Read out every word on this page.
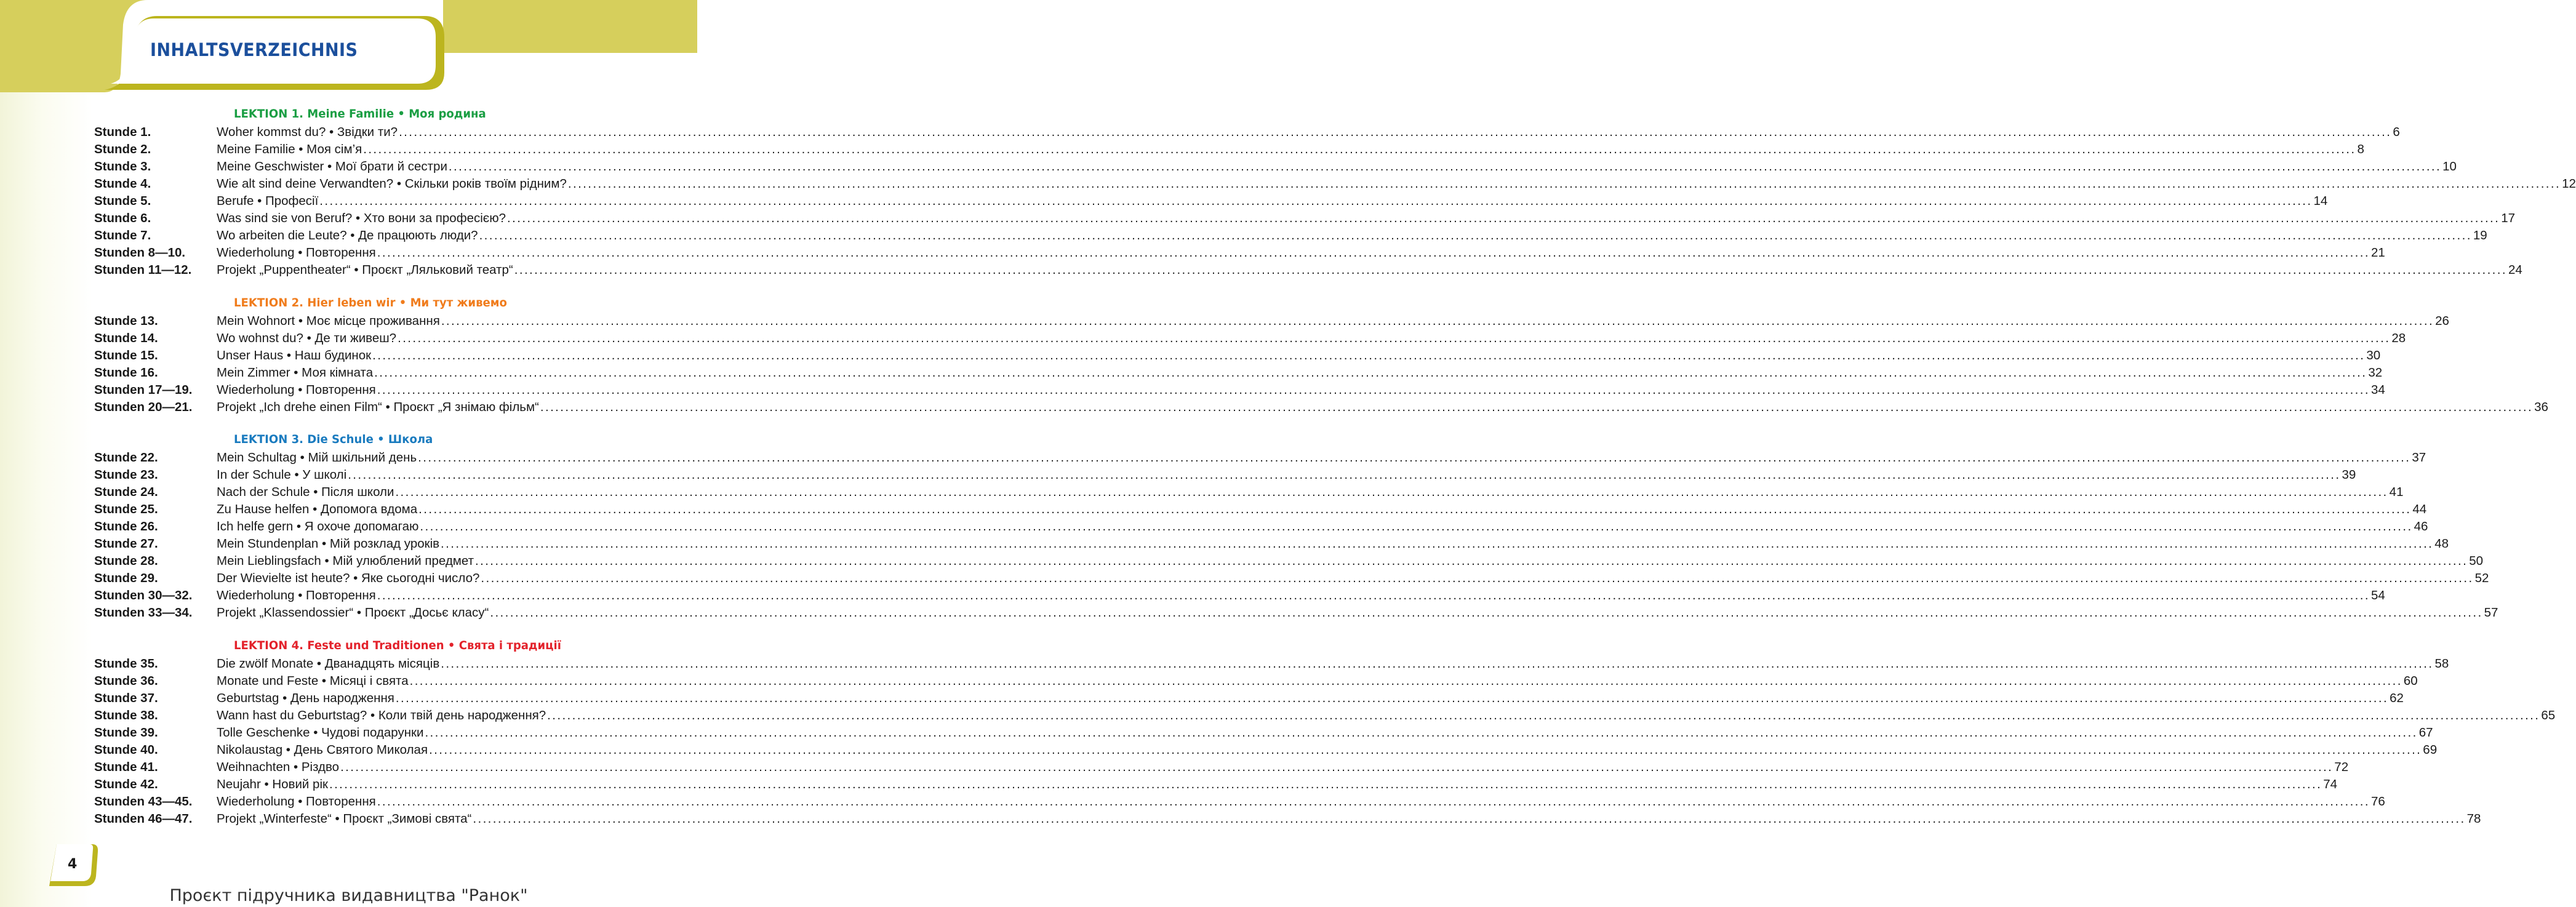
INHALTSVERZEICHNIS
LEKTION 1. Meine Familie • Моя родина
Stunde 1.	Woher kommst du? • Звідки ти? ................................................................................................................................................................................................................................................................................................................................................................................................................ 6
Stunde 2.	Meine Familie • Моя сім’я ................................................................................................................................................................................................................................................................................................................................................................................................................ 8
Stunde 3.	Meine Geschwister • Мої брати й сестри ................................................................................................................................................................................................................................................................................................................................................................................................................ 10
Stunde 4.	Wie alt sind deine Verwandten? • Скільки років твоїм рідним? ................................................................................................................................................................................................................................................................................................................................................................................................................ 12
Stunde 5.	Berufe • Професії ................................................................................................................................................................................................................................................................................................................................................................................................................ 14
Stunde 6.	Was sind sie von Beruf? • Хто вони за професією? ................................................................................................................................................................................................................................................................................................................................................................................................................ 17
Stunde 7.	Wo arbeiten die Leute? • Де працюють люди? ................................................................................................................................................................................................................................................................................................................................................................................................................ 19
Stunden 8—10. Wiederholung • Повторення ................................................................................................................................................................................................................................................................................................................................................................................................................ 21
Stunden 11—12. Projekt „Puppentheater“ • Проєкт „Ляльковий театр“ ................................................................................................................................................................................................................................................................................................................................................................................................................ 24
LEKTION 2. Hier leben wir • Ми тут живемо
Stunde 13.	Mein Wohnort • Моє місце проживання ................................................................................................................................................................................................................................................................................................................................................................................................................ 26
Stunde 14.	Wo wohnst du? • Де ти живеш? ................................................................................................................................................................................................................................................................................................................................................................................................................ 28
Stunde 15.	Unser Haus • Наш будинок ................................................................................................................................................................................................................................................................................................................................................................................................................ 30
Stunde 16.	Mein Zimmer • Моя кімната ................................................................................................................................................................................................................................................................................................................................................................................................................ 32
Stunden 17—19. Wiederholung • Повторення ................................................................................................................................................................................................................................................................................................................................................................................................................ 34
Stunden 20—21. Projekt „Ich drehe einen Film“ • Проєкт „Я знімаю фільм“ ................................................................................................................................................................................................................................................................................................................................................................................................................ 36
LEKTION 3. Die Schule • Школа
Stunde 22.	Mein Schultag • Мій шкільний день ................................................................................................................................................................................................................................................................................................................................................................................................................ 37
Stunde 23.	In der Schule • У школі ................................................................................................................................................................................................................................................................................................................................................................................................................ 39
Stunde 24.	Nach der Schule • Після школи ................................................................................................................................................................................................................................................................................................................................................................................................................ 41
Stunde 25.	Zu Hause helfen • Допомога вдома ................................................................................................................................................................................................................................................................................................................................................................................................................ 44
Stunde 26.	Ich helfe gern • Я охоче допомагаю ................................................................................................................................................................................................................................................................................................................................................................................................................ 46
Stunde 27.	Mein Stundenplan • Мій розклад уроків ................................................................................................................................................................................................................................................................................................................................................................................................................ 48
Stunde 28.	Mein Lieblingsfach • Мій улюблений предмет ................................................................................................................................................................................................................................................................................................................................................................................................................ 50
Stunde 29.	Der Wievielte ist heute? • Яке сьогодні число? ................................................................................................................................................................................................................................................................................................................................................................................................................ 52
Stunden 30—32. Wiederholung • Повторення ................................................................................................................................................................................................................................................................................................................................................................................................................ 54
Stunden 33—34. Projekt „Klassendossier“ • Проєкт „Досьє класу“ ................................................................................................................................................................................................................................................................................................................................................................................................................ 57
LEKTION 4. Feste und Traditionen • Свята і традиції
Stunde 35.	Die zwölf Monate • Дванадцять місяців ................................................................................................................................................................................................................................................................................................................................................................................................................ 58
Stunde 36.	Monate und Feste • Місяці і свята ................................................................................................................................................................................................................................................................................................................................................................................................................ 60
Stunde 37.	Geburtstag • День народження ................................................................................................................................................................................................................................................................................................................................................................................................................ 62
Stunde 38.	Wann hast du Geburtstag? • Коли твій день народження? ................................................................................................................................................................................................................................................................................................................................................................................................................ 65
Stunde 39.	Tolle Geschenke • Чудові подарунки ................................................................................................................................................................................................................................................................................................................................................................................................................ 67
Stunde 40.	Nikolaustag • День Святого Миколая ................................................................................................................................................................................................................................................................................................................................................................................................................ 69
Stunde 41.	Weihnachten • Різдво ................................................................................................................................................................................................................................................................................................................................................................................................................ 72
Stunde 42.	Neujahr • Новий рік ................................................................................................................................................................................................................................................................................................................................................................................................................ 74
Stunden 43—45. Wiederholung • Повторення ................................................................................................................................................................................................................................................................................................................................................................................................................ 76
Stunden 46—47. Projekt „Winterfeste“ • Проєкт „Зимові свята“ ................................................................................................................................................................................................................................................................................................................................................................................................................ 78
4
Проєкт підручника видавництва "Ранок"
